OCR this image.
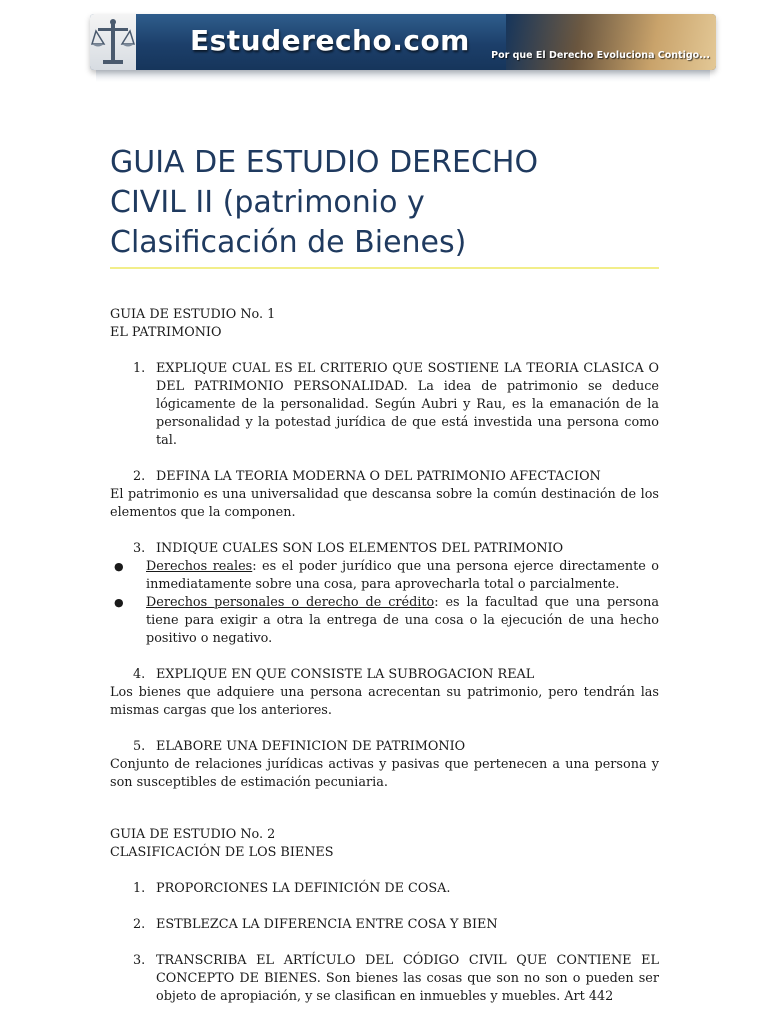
Estuderecho.com Por que El Derecho Evoluciona Contigo...
GUIA DE ESTUDIO DERECHO
CIVIL II (patrimonio y
Clasificación de Bienes)

GUIA DE ESTUDIO No. 1

EL PATRIMONIO

1. EXPLIQUE CUAL ES EL CRITERIO QUE SOSTIENE LA TEORIA CLASICA O DEL PATRIMONIO PERSONALIDAD. La idea de patrimonio se deduce lógicamente de la personalidad. Según Aubri y Rau, es la emanación de la personalidad y la potestad jurídica de que está investida una persona como tal.
2. DEFINA LA TEORIA MODERNA O DEL PATRIMONIO AFECTACION

El patrimonio es una universalidad que descansa sobre la común destinación de los elementos que la componen.

3. INDIQUE CUALES SON LOS ELEMENTOS DEL PATRIMONIO
● Derechos reales: es el poder jurídico que una persona ejerce directamente o inmediatamente sobre una cosa, para aprovecharla total o parcialmente.
● Derechos personales o derecho de crédito: es la facultad que una persona tiene para exigir a otra la entrega de una cosa o la ejecución de una hecho positivo o negativo.
4. EXPLIQUE EN QUE CONSISTE LA SUBROGACION REAL

Los bienes que adquiere una persona acrecentan su patrimonio, pero tendrán las mismas cargas que los anteriores.

5. ELABORE UNA DEFINICION DE PATRIMONIO

Conjunto de relaciones jurídicas activas y pasivas que pertenecen a una persona y son susceptibles de estimación pecuniaria.

GUIA DE ESTUDIO No. 2

CLASIFICACIÓN DE LOS BIENES

1. PROPORCIONES LA DEFINICIÓN DE COSA.
2. ESTBLEZCA LA DIFERENCIA ENTRE COSA Y BIEN
3. TRANSCRIBA EL ARTÍCULO DEL CÓDIGO CIVIL QUE CONTIENE EL CONCEPTO DE BIENES. Son bienes las cosas que son no son o pueden ser objeto de apropiación, y se clasifican en inmuebles y muebles. Art 442
